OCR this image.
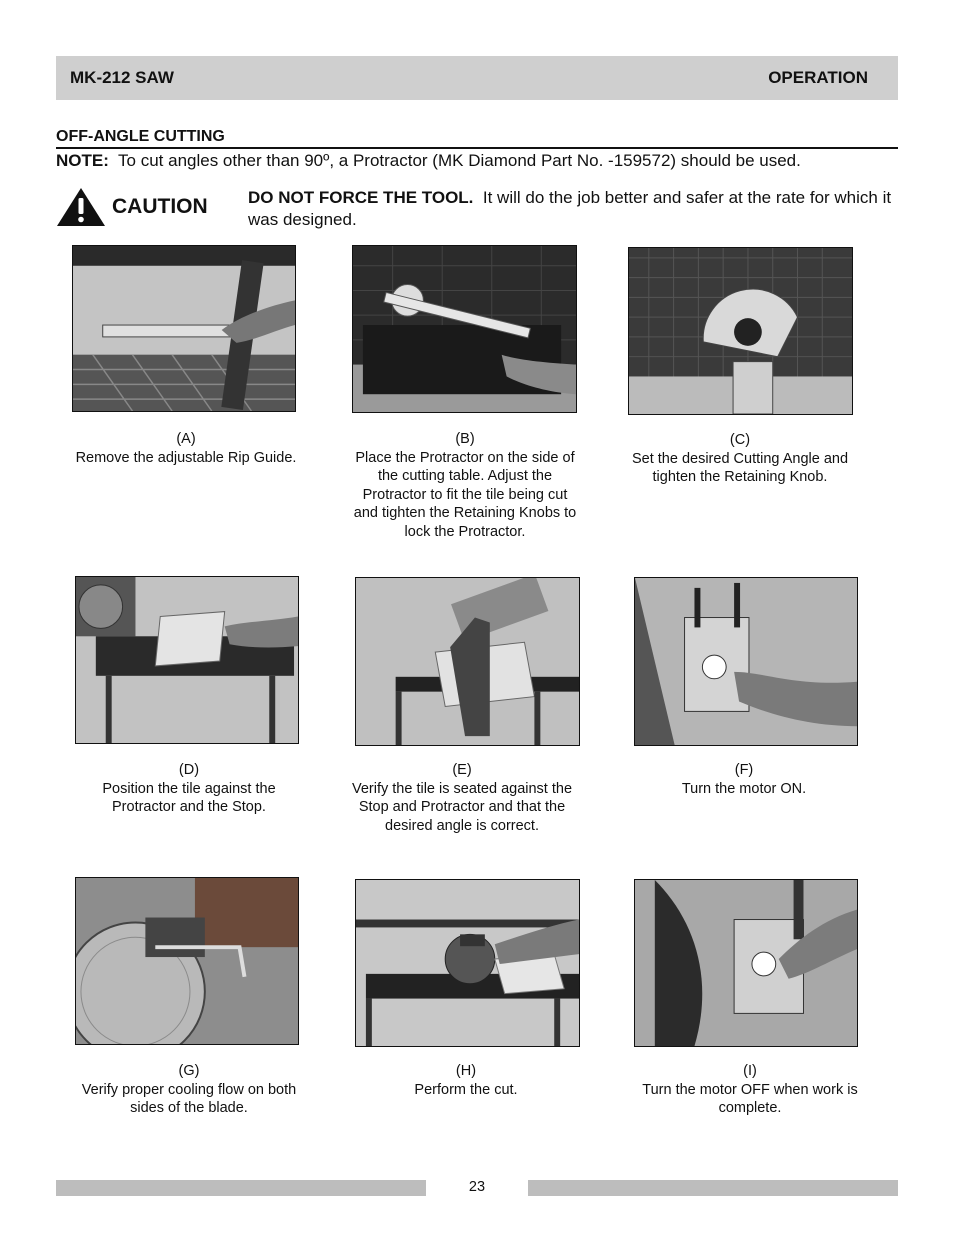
MK-212 SAW	OPERATION
OFF-ANGLE CUTTING
NOTE: To cut angles other than 90º, a Protractor (MK Diamond Part No. -159572) should be used.
CAUTION DO NOT FORCE THE TOOL. It will do the job better and safer at the rate for which it was designed.
(A)
Remove the adjustable Rip Guide.
(B)
Place the Protractor on the side of the cutting table. Adjust the Protractor to fit the tile being cut and tighten the Retaining Knobs to lock the Protractor.
(C)
Set the desired Cutting Angle and tighten the Retaining Knob.
(D)
Position the tile against the Protractor and the Stop.
(E)
Verify the tile is seated against the Stop and Protractor and that the desired angle is correct.
(F)
Turn the motor ON.
(G)
Verify proper cooling flow on both sides of the blade.
(H)
Perform the cut.
(I)
Turn the motor OFF when work is complete.
23
